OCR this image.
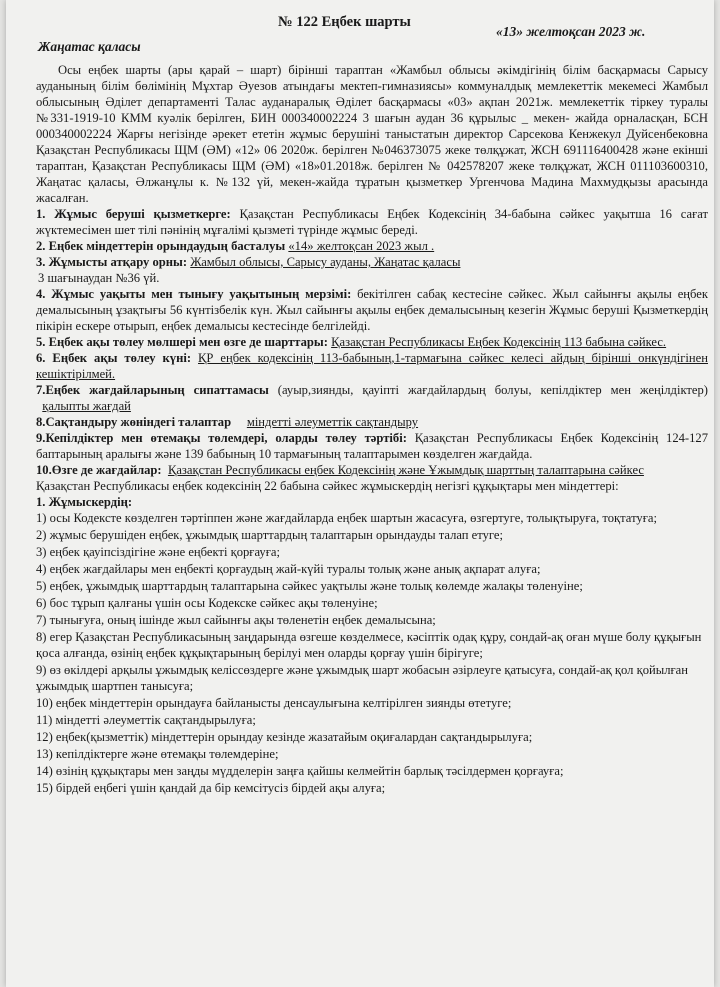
№ 122 Еңбек шарты
«13» желтоқсан 2023 ж.
Жаңатас қаласы

Осы еңбек шарты (ары қарай – шарт) бірінші тараптан «Жамбыл облысы әкімдігінің білім басқармасы Сарысу ауданының білім бөлімінің Мұхтар Әуезов атындағы мектеп-гимназиясы» коммуналдық мемлекеттік мекемесі Жамбыл облысының Әділет департаменті Талас ауданаралық Әділет басқармасы «03» ақпан 2021ж. мемлекеттік тіркеу туралы №331-1919-10 КММ куәлік берілген, БИН 000340002224 3 шағын аудан 36 құрылыс _ мекен- жайда орналасқан, БСН 000340002224 Жарғы негізінде әрекет ететін жұмыс берушіні таныстатын директор Сарсекова Кенжекул Дуйсенбековна Қазақстан Республикасы ЩМ (ӘМ) «12» 06 2020ж. берілген №046373075 жеке төлқұжат, ЖСН 691116400428 және екінші тараптан, Қазақстан Республикасы ЩМ (ӘМ) «18»01.2018ж. берілген № 042578207 жеке төлқұжат, ЖСН 011103600310, Жаңатас қаласы, Әлжанұлы к. №132 үй, мекен-жайда тұратын қызметкер Ургенчова Мадина Махмудқызы арасында жасалған.

1. Жұмыс беруші қызметкерге: Қазақстан Республикасы Еңбек Кодексінің 34-бабына сәйкес уақытша 16 сағат жүктемесімен шет тілі пәнінің мұғалімі қызметі түрінде жұмыс береді.

2. Еңбек міндеттерін орындаудың басталуы «14» желтоқсан 2023 жыл .

3. Жұмысты атқару орны: Жамбыл облысы, Сарысу ауданы, Жаңатас қаласы

3 шағынаудан №36 үй.

4. Жұмыс уақыты мен тынығу уақытының мерзімі: бекітілген сабақ кестесіне сәйкес. Жыл сайынғы ақылы еңбек демалысының ұзақтығы 56 күнтізбелік күн. Жыл сайынғы ақылы еңбек демалысының кезегін Жұмыс беруші Қызметкердің пікірін ескере отырып, еңбек демалысы кестесінде белгілейді.

5. Еңбек ақы төлеу мөлшері мен өзге де шарттары: Қазақстан Республикасы Еңбек Кодексінің 113 бабына сәйкес.

6. Еңбек ақы төлеу күні: ҚР еңбек кодексінің 113-бабының,1-тармағына сәйкес келесі айдың бірінші онкүндігінен кешіктірілмей.

7.Еңбек жағдайларының сипаттамасы (ауыр,зиянды, қауіпті жағдайлардың болуы, кепілдіктер мен жеңілдіктер)   қалыпты жағдай

8.Сақтандыру жөніндегі талаптар міндетті әлеуметтік сақтандыру

9.Кепілдіктер мен өтемақы төлемдері, оларды төлеу тәртібі: Қазақстан Республикасы Еңбек Кодексінің 124-127 баптарының аралығы және 139 бабының 10 тармағының талаптарымен көзделген жағдайда.

10.Өзге де жағдайлар: Қазақстан Республикасы еңбек Кодексінің және Ұжымдық шарттың талаптарына сәйкес

Қазақстан Республикасы еңбек кодексінің 22 бабына сәйкес жұмыскердің негізгі құқықтары мен міндеттері:

1. Жұмыскердің:

1) осы Кодексте көзделген тәртіппен және жағдайларда еңбек шартын жасасуға, өзгертуге, толықтыруға, тоқтатуға;

2) жұмыс берушіден еңбек, ұжымдық шарттардың талаптарын орындауды талап етуге;

3) еңбек қауіпсіздігіне және еңбекті қорғауға;

4) еңбек жағдайлары мен еңбекті қорғаудың жай-күйі туралы толық және анық ақпарат алуға;

5) еңбек, ұжымдық шарттардың талаптарына сәйкес уақтылы және толық көлемде жалақы төленуіне;

6) бос тұрып қалғаны үшін осы Кодекске сәйкес ақы төленуіне;

7) тынығуға, оның ішінде жыл сайынғы ақы төленетін еңбек демалысына;

8) егер Қазақстан Республикасының заңдарында өзгеше көзделмесе, кәсіптік одақ құру, сондай-ақ оған мүше болу құқығын қоса алғанда, өзінің еңбек құқықтарының берілуі мен оларды қорғау үшін бірігуге;

9) өз өкілдері арқылы ұжымдық келіссөздерге және ұжымдық шарт жобасын әзірлеуге қатысуға, сондай-ақ қол қойылған ұжымдық шартпен танысуға;

10) еңбек міндеттерін орындауға байланысты денсаулығына келтірілген зиянды өтетуге;

11) міндетті әлеуметтік сақтандырылуға;

12) еңбек(қызметтік) міндеттерін орындау кезінде жазатайым оқиғалардан сақтандырылуға;

13) кепілдіктерге және өтемақы төлемдеріне;

14) өзінің құқықтары мен заңды мүдделерін заңға қайшы келмейтін барлық тәсілдермен қорғауға;

15) бірдей еңбегі үшін қандай да бір кемсітусіз бірдей ақы алуға;
